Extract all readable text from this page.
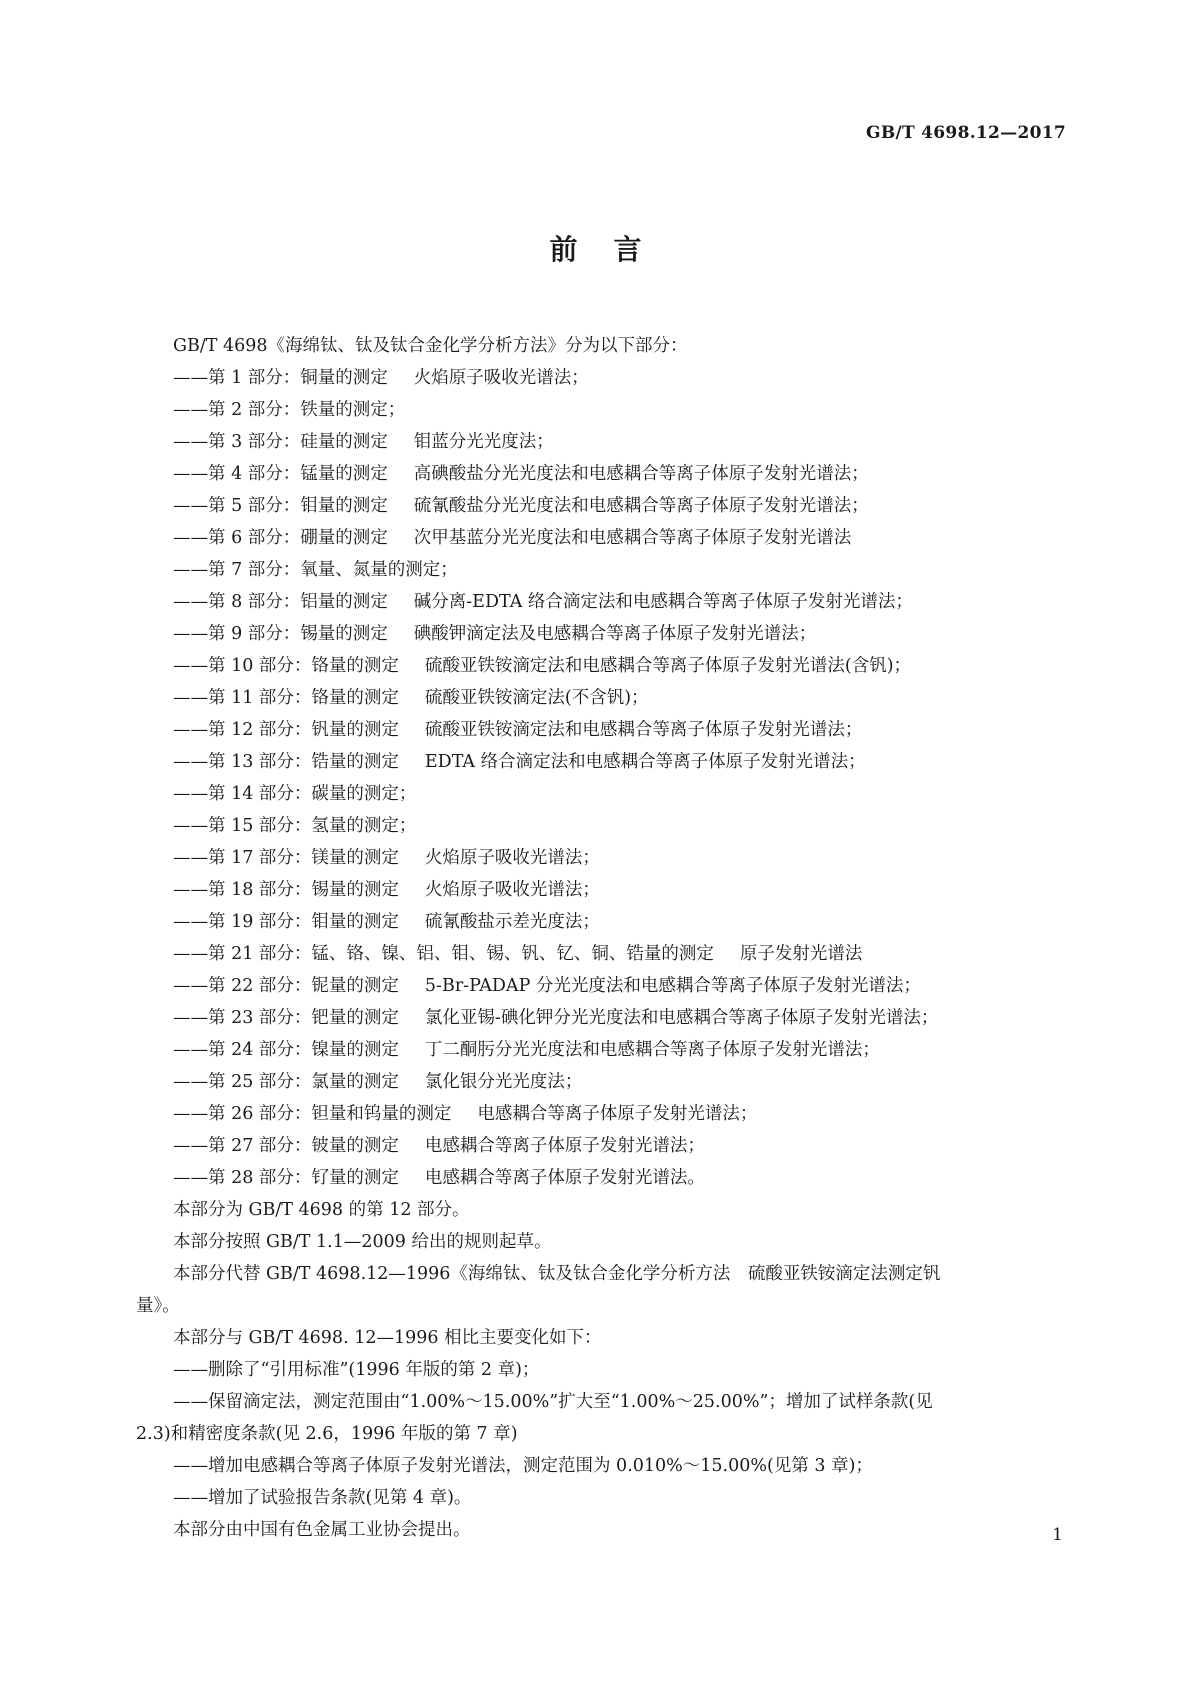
GB/T 4698.12—2017
前言
GB/T 4698《海绵钛、钛及钛合金化学分析方法》分为以下部分：
——第 1 部分：铜量的测定 火焰原子吸收光谱法；
——第 2 部分：铁量的测定；
——第 3 部分：硅量的测定 钼蓝分光光度法；
——第 4 部分：锰量的测定 高碘酸盐分光光度法和电感耦合等离子体原子发射光谱法；
——第 5 部分：钼量的测定 硫氰酸盐分光光度法和电感耦合等离子体原子发射光谱法；
——第 6 部分：硼量的测定 次甲基蓝分光光度法和电感耦合等离子体原子发射光谱法
——第 7 部分：氧量、氮量的测定；
——第 8 部分：铝量的测定 碱分离-EDTA 络合滴定法和电感耦合等离子体原子发射光谱法；
——第 9 部分：锡量的测定 碘酸钾滴定法及电感耦合等离子体原子发射光谱法；
——第 10 部分：铬量的测定 硫酸亚铁铵滴定法和电感耦合等离子体原子发射光谱法(含钒)；
——第 11 部分：铬量的测定 硫酸亚铁铵滴定法(不含钒)；
——第 12 部分：钒量的测定 硫酸亚铁铵滴定法和电感耦合等离子体原子发射光谱法；
——第 13 部分：锆量的测定 EDTA 络合滴定法和电感耦合等离子体原子发射光谱法；
——第 14 部分：碳量的测定；
——第 15 部分：氢量的测定；
——第 17 部分：镁量的测定 火焰原子吸收光谱法；
——第 18 部分：锡量的测定 火焰原子吸收光谱法；
——第 19 部分：钼量的测定 硫氰酸盐示差光度法；
——第 21 部分：锰、铬、镍、铝、钼、锡、钒、钇、铜、锆量的测定 原子发射光谱法
——第 22 部分：铌量的测定 5-Br-PADAP 分光光度法和电感耦合等离子体原子发射光谱法；
——第 23 部分：钯量的测定 氯化亚锡-碘化钾分光光度法和电感耦合等离子体原子发射光谱法；
——第 24 部分：镍量的测定 丁二酮肟分光光度法和电感耦合等离子体原子发射光谱法；
——第 25 部分：氯量的测定 氯化银分光光度法；
——第 26 部分：钽量和钨量的测定 电感耦合等离子体原子发射光谱法；
——第 27 部分：铍量的测定 电感耦合等离子体原子发射光谱法；
——第 28 部分：钌量的测定 电感耦合等离子体原子发射光谱法。
本部分为 GB/T 4698 的第 12 部分。
本部分按照 GB/T 1.1—2009 给出的规则起草。
本部分代替 GB/T 4698.12—1996《海绵钛、钛及钛合金化学分析方法　硫酸亚铁铵滴定法测定钒
量》。
本部分与 GB/T 4698. 12—1996 相比主要变化如下：
——删除了“引用标准”(1996 年版的第 2 章)；
——保留滴定法，测定范围由“1.00%～15.00%”扩大至“1.00%～25.00%”；增加了试样条款(见
2.3)和精密度条款(见 2.6，1996 年版的第 7 章)
——增加电感耦合等离子体原子发射光谱法，测定范围为 0.010%～15.00%(见第 3 章)；
——增加了试验报告条款(见第 4 章)。
本部分由中国有色金属工业协会提出。	1
